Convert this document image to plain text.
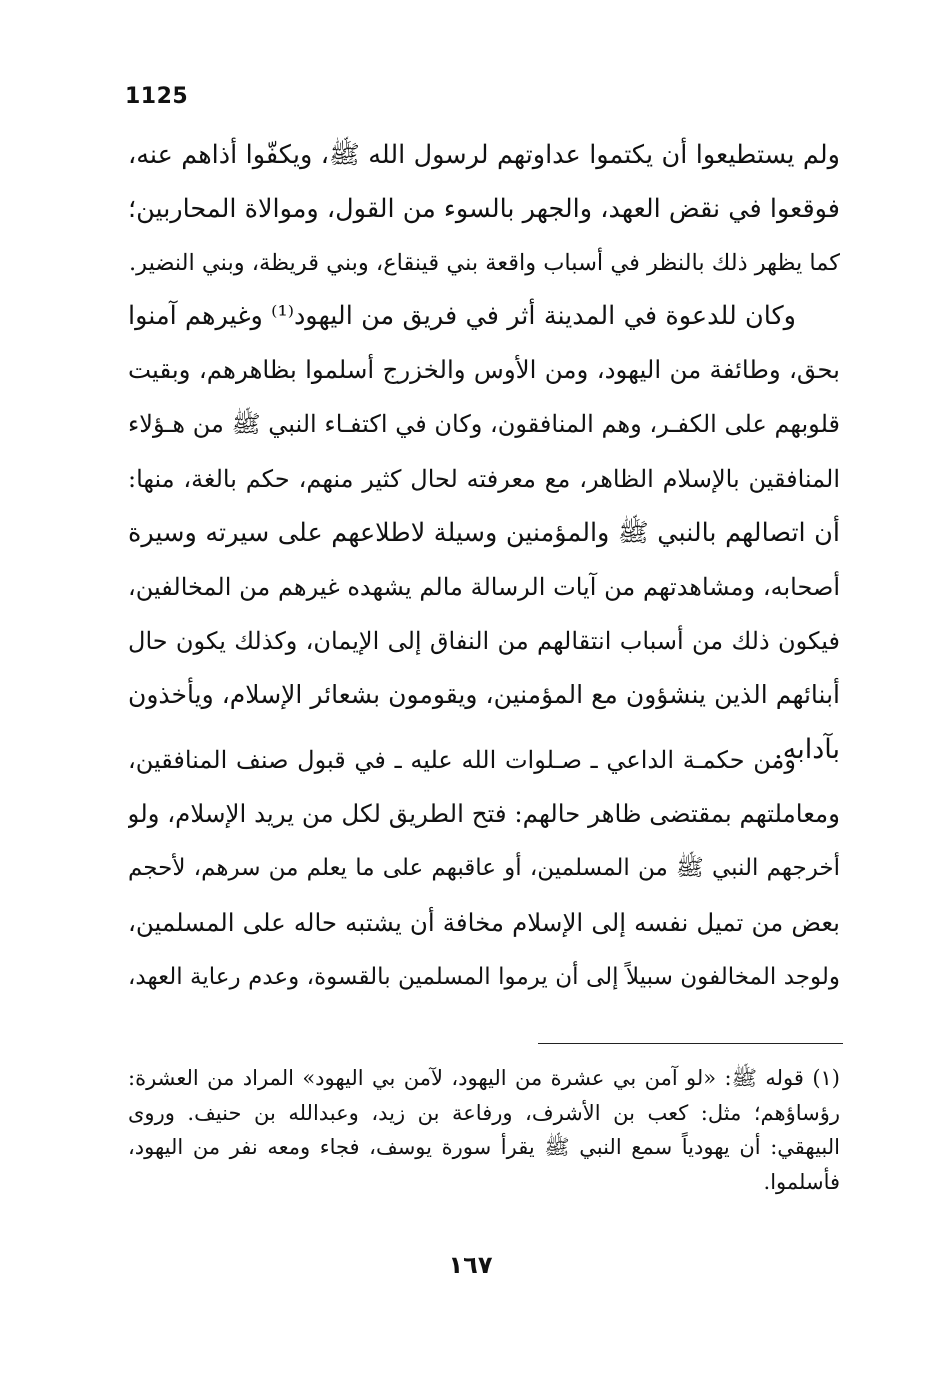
1125
ولم يستطيعوا أن يكتموا عداوتهم لرسول الله ﷺ، ويكفّوا أذاهم عنه،
فوقعوا في نقض العهد، والجهر بالسوء من القول، وموالاة المحاربين؛
كما يظهر ذلك بالنظر في أسباب واقعة بني قينقاع، وبني قريظة، وبني النضير.
وكان للدعوة في المدينة أثر في فريق من اليهود⁽¹⁾ وغيرهم آمنوا
بحق، وطائفة من اليهود، ومن الأوس والخزرج أسلموا بظاهرهم، وبقيت
قلوبهم على الكفـر، وهم المنافقون، وكان في اكتفـاء النبي ﷺ من هـؤلاء
المنافقين بالإسلام الظاهر، مع معرفته لحال كثير منهم، حكم بالغة، منها:
أن اتصالهم بالنبي ﷺ والمؤمنين وسيلة لاطلاعهم على سيرته وسيرة
أصحابه، ومشاهدتهم من آيات الرسالة مالم يشهده غيرهم من المخالفين،
فيكون ذلك من أسباب انتقالهم من النفاق إلى الإيمان، وكذلك يكون حال
أبنائهم الذين ينشؤون مع المؤمنين، ويقومون بشعائر الإسلام، ويأخذون
بآدابه.
ومن حكمـة الداعي ـ صـلوات الله عليه ـ في قبول صنف المنافقين،
ومعاملتهم بمقتضى ظاهر حالهم: فتح الطريق لكل من يريد الإسلام، ولو
أخرجهم النبي ﷺ من المسلمين، أو عاقبهم على ما يعلم من سرهم، لأحجم
بعض من تميل نفسه إلى الإسلام مخافة أن يشتبه حاله على المسلمين،
ولوجد المخالفون سبيلاً إلى أن يرموا المسلمين بالقسوة، وعدم رعاية العهد،
(١) قوله ﷺ: «لو آمن بي عشرة من اليهود، لآمن بي اليهود» المراد من العشرة:
رؤساؤهم؛ مثل: كعب بن الأشرف، ورفاعة بن زيد، وعبدالله بن حنيف. وروى
البيهقي: أن يهودياً سمع النبي ﷺ يقرأ سورة يوسف، فجاء ومعه نفر من اليهود،
فأسلموا.
١٦٧
